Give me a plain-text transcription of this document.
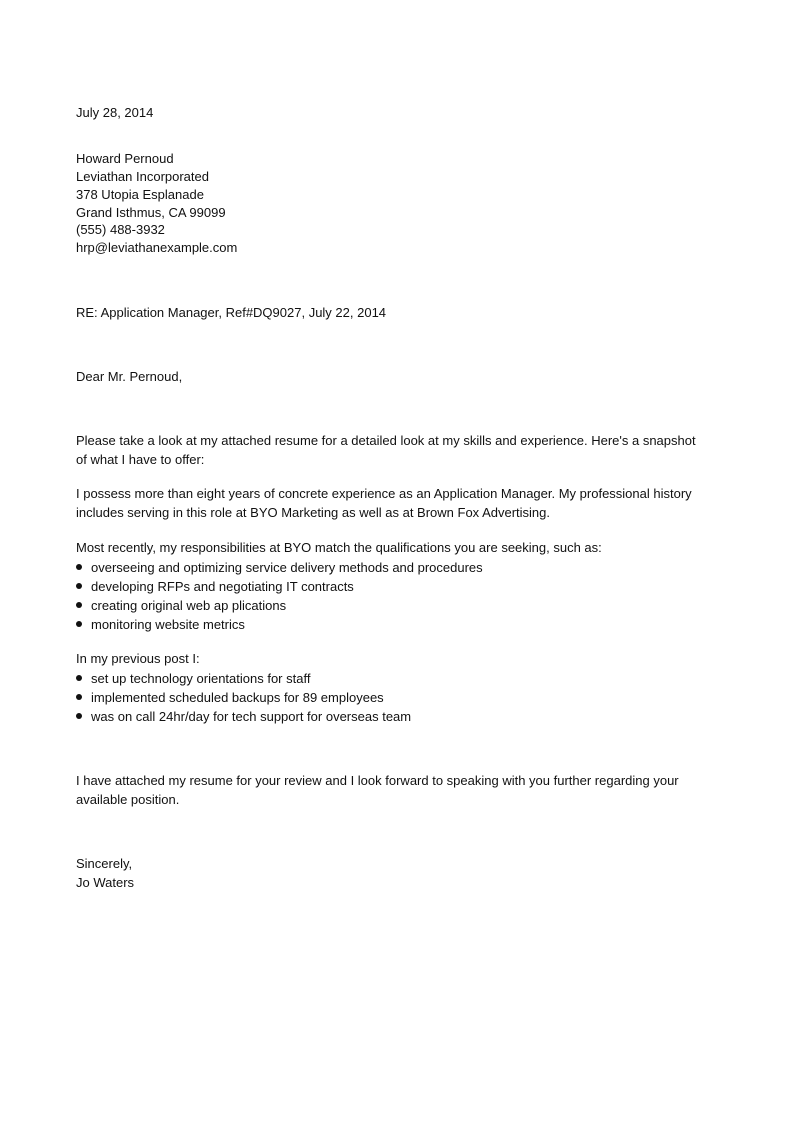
July 28, 2014
Howard Pernoud
Leviathan Incorporated
378 Utopia Esplanade
Grand Isthmus, CA 99099
(555) 488-3932
hrp@leviathanexample.com
RE: Application Manager, Ref#DQ9027, July 22, 2014
Dear Mr. Pernoud,
Please take a look at my attached resume for a detailed look at my skills and experience. Here's a snapshot
of what I have to offer:
I possess more than eight years of concrete experience as an Application Manager. My professional history
includes serving in this role at BYO Marketing as well as at Brown Fox Advertising.
Most recently, my responsibilities at BYO match the qualifications you are seeking, such as:
overseeing and optimizing service delivery methods and procedures
developing RFPs and negotiating IT contracts
creating original web ap plications
monitoring website metrics
In my previous post I:
set up technology orientations for staff
implemented scheduled backups for 89 employees
was on call 24hr/day for tech support for overseas team
I have attached my resume for your review and I look forward to speaking with you further regarding your
available position.
Sincerely,
Jo Waters
